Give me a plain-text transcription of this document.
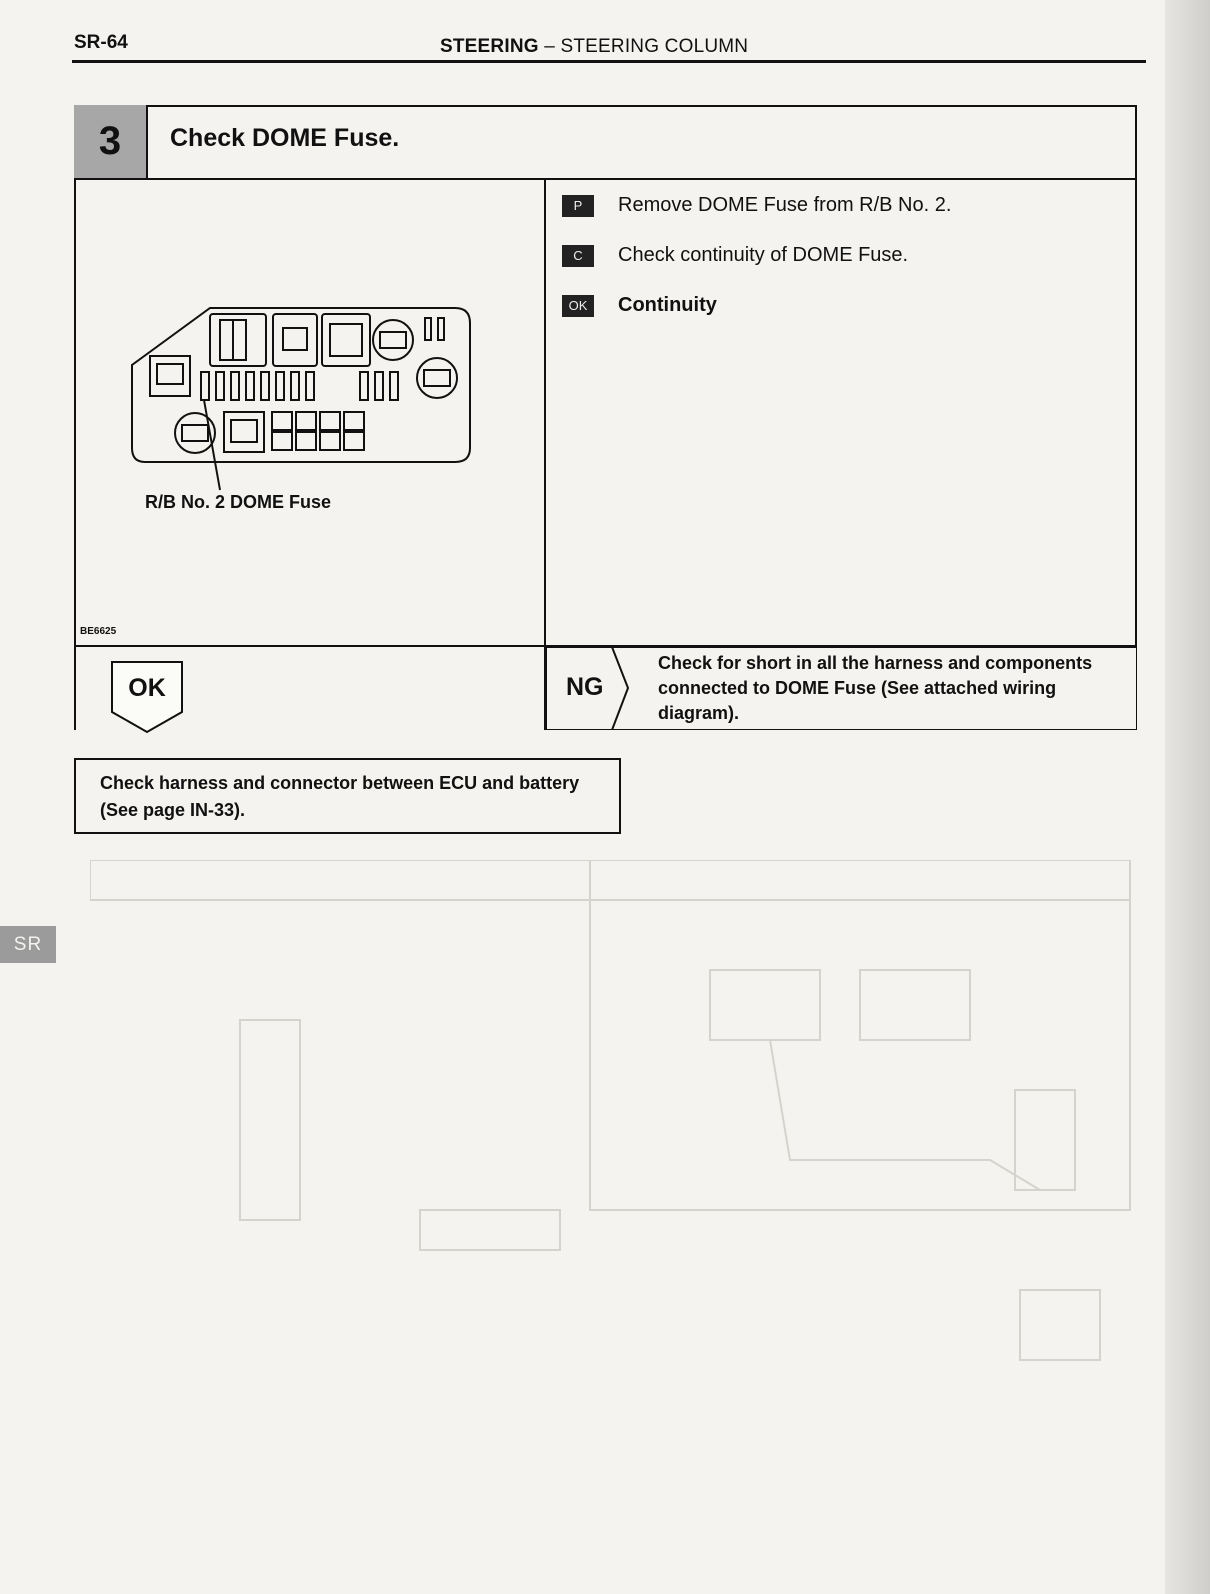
SR-64	STEERING – STEERING COLUMN
3	Check DOME Fuse.
P	Remove DOME Fuse from R/B No. 2.
C	Check continuity of DOME Fuse.
OK	Continuity
R/B No. 2 DOME Fuse
BE6625
OK	NG
Check for short in all the harness and components connected to DOME Fuse (See attached wiring diagram).
Check harness and connector between ECU and battery (See page IN-33).
SR
